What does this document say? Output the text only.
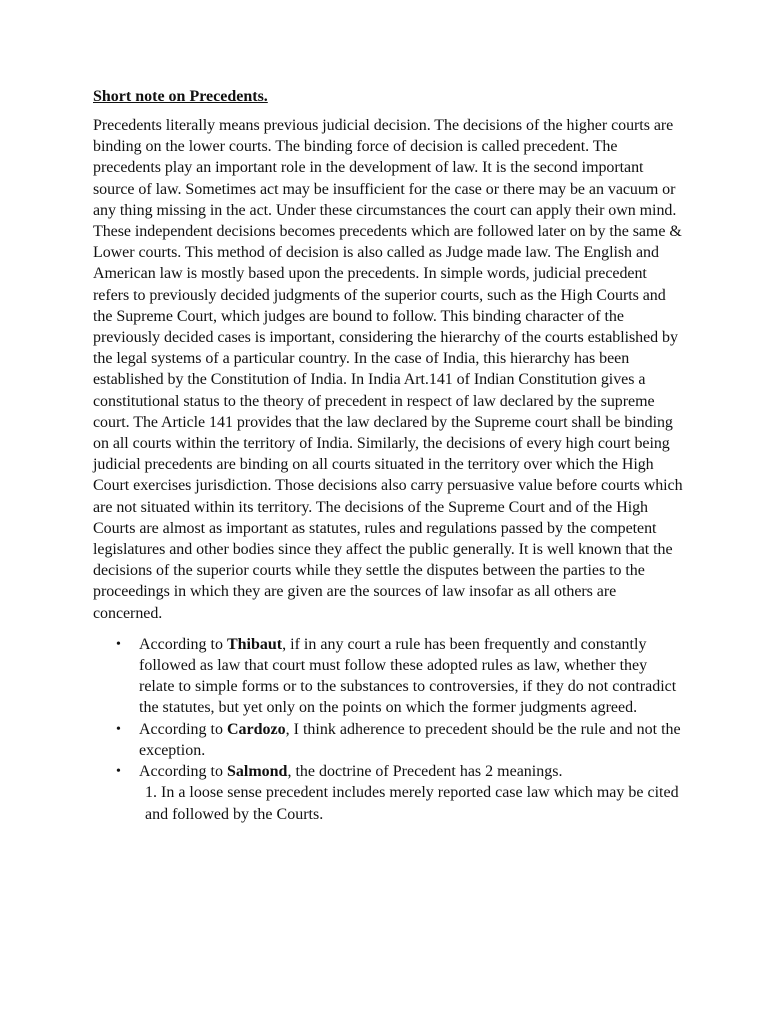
Short note on Precedents.

Precedents literally means previous judicial decision. The decisions of the higher courts are binding on the lower courts. The binding force of decision is called precedent. The precedents play an important role in the development of law. It is the second important source of law. Sometimes act may be insufficient for the case or there may be an vacuum or any thing missing in the act. Under these circumstances the court can apply their own mind. These independent decisions becomes precedents which are followed later on by the same & Lower courts. This method of decision is also called as Judge made law. The English and American law is mostly based upon the precedents. In simple words, judicial precedent refers to previously decided judgments of the superior courts, such as the High Courts and the Supreme Court, which judges are bound to follow. This binding character of the previously decided cases is important, considering the hierarchy of the courts established by the legal systems of a particular country. In the case of India, this hierarchy has been established by the Constitution of India. In India Art.141 of Indian Constitution gives a constitutional status to the theory of precedent in respect of law declared by the supreme court. The Article 141 provides that the law declared by the Supreme court shall be binding on all courts within the territory of India. Similarly, the decisions of every high court being judicial precedents are binding on all courts situated in the territory over which the High Court exercises jurisdiction. Those decisions also carry persuasive value before courts which are not situated within its territory. The decisions of the Supreme Court and of the High Courts are almost as important as statutes, rules and regulations passed by the competent legislatures and other bodies since they affect the public generally. It is well known that the decisions of the superior courts while they settle the disputes between the parties to the proceedings in which they are given are the sources of law insofar as all others are concerned.

• According to Thibaut, if in any court a rule has been frequently and constantly followed as law that court must follow these adopted rules as law, whether they relate to simple forms or to the substances to controversies, if they do not contradict the statutes, but yet only on the points on which the former judgments agreed.
• According to Cardozo, I think adherence to precedent should be the rule and not the exception.
• According to Salmond, the doctrine of Precedent has 2 meanings.
1. In a loose sense precedent includes merely reported case law which may be cited and followed by the Courts.
